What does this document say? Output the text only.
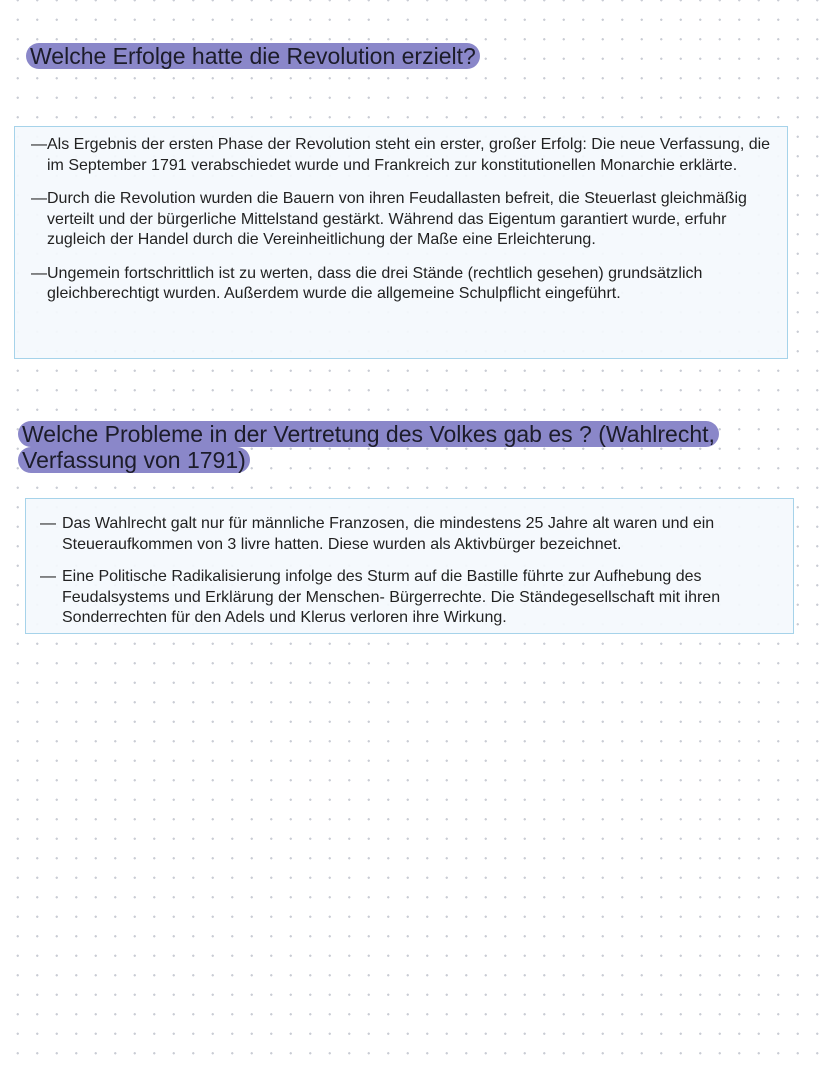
Welche Erfolge hatte die Revolution erzielt?
— Als Ergebnis der ersten Phase der Revolution steht ein erster, großer Erfolg: Die neue Verfassung, die im September 1791 verabschiedet wurde und Frankreich zur konstitutionellen Monarchie erklärte.
— Durch die Revolution wurden die Bauern von ihren Feudallasten befreit, die Steuerlast gleichmäßig verteilt und der bürgerliche Mittelstand gestärkt. Während das Eigentum garantiert wurde, erfuhr zugleich der Handel durch die Vereinheitlichung der Maße eine Erleichterung.
— Ungemein fortschrittlich ist zu werten, dass die drei Stände (rechtlich gesehen) grundsätzlich gleichberechtigt wurden. Außerdem wurde die allgemeine Schulpflicht eingeführt.
Welche Probleme in der Vertretung des Volkes gab es ? (Wahlrecht, Verfassung von 1791)
— Das Wahlrecht galt nur für männliche Franzosen, die mindestens 25 Jahre alt waren und ein Steueraufkommen von 3 livre hatten. Diese wurden als Aktivbürger bezeichnet.
— Eine Politische Radikalisierung infolge des Sturm auf die Bastille führte zur Aufhebung des Feudalsystems und Erklärung der Menschen- Bürgerrechte. Die Ständegesellschaft mit ihren Sonderrechten für den Adels und Klerus verloren ihre Wirkung.
